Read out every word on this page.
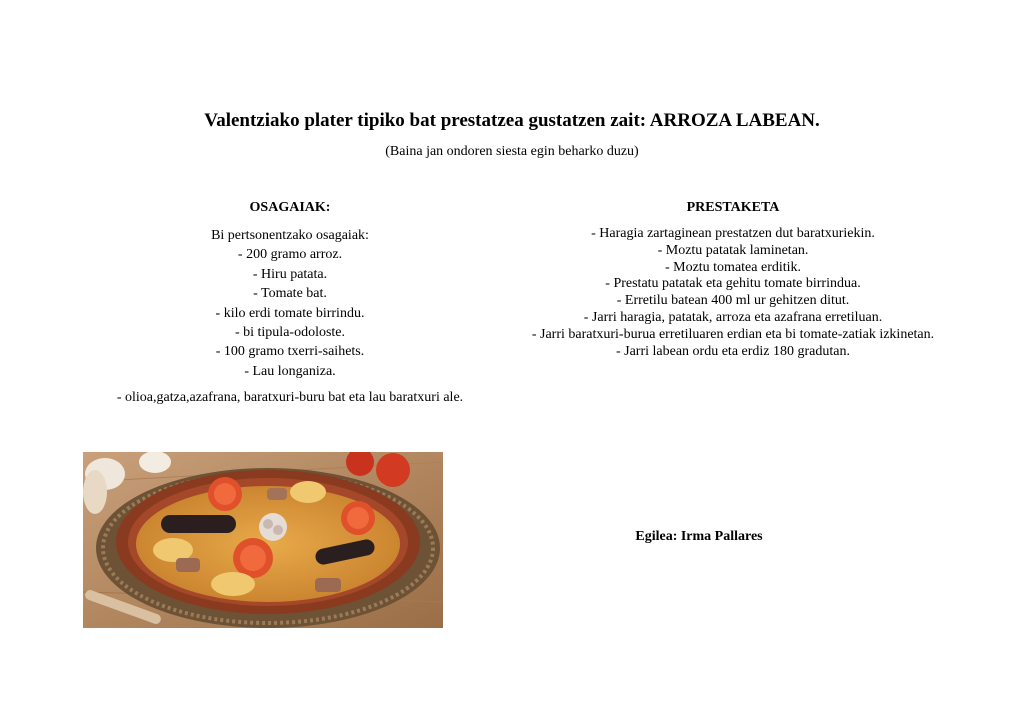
Valentziako plater tipiko bat prestatzea gustatzen zait: ARROZA LABEAN.
(Baina jan ondoren siesta egin beharko duzu)
OSAGAIAK:	PRESTAKETA
Bi pertsonentzako osagaiak:
- 200 gramo arroz.
- Hiru patata.
- Tomate bat.
- kilo erdi tomate birrindu.
- bi tipula-odoloste.
- 100 gramo txerri-saihets.
- Lau longaniza.
- olioa,gatza,azafrana, baratxuri-buru bat eta lau baratxuri ale.
- Haragia zartaginean prestatzen dut baratxuriekin.
- Moztu patatak laminetan.
- Moztu tomatea erditik.
- Prestatu patatak eta gehitu tomate birrindua.
- Erretilu batean 400 ml ur gehitzen ditut.
- Jarri haragia, patatak, arroza eta azafrana erretiluan.
- Jarri baratxuri-burua erretiluaren erdian eta bi tomate-zatiak izkinetan.
- Jarri labean ordu eta erdiz 180 gradutan.
Egilea: Irma Pallares
